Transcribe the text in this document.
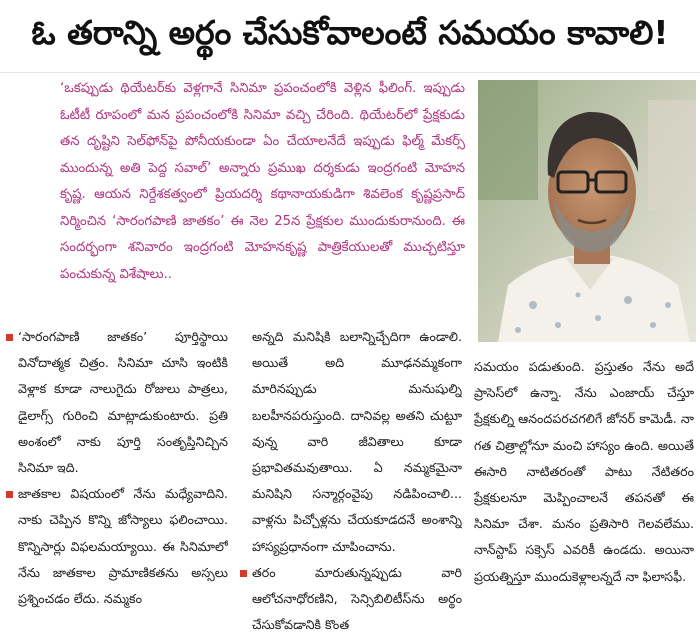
ఓ తరాన్ని అర్థం చేసుకోవాలంటే సమయం కావాలి!
‘ఒకప్పుడు థియేటర్‌కు వెళ్లగానే సినిమా ప్రపంచంలోకి వెళ్లిన ఫీలింగ్‌. ఇప్పుడు ఓటీటీ రూపంలో మన ప్రపంచంలోకి సినిమా వచ్చి చేరింది. థియేటర్‌లో ప్రేక్షకుడు తన దృష్టిని సెల్‌ఫోన్‌పై పోనీయకుండా ఏం చేయాలనేదే ఇప్పుడు ఫిల్మ్‌ మేకర్స్‌ ముందున్న అతి పెద్ద సవాల్‌’ అన్నారు ప్రముఖ దర్శకుడు ఇంద్రగంటి మోహన కృష్ణ. ఆయన నిర్దేశకత్వంలో ప్రియదర్శి కథానాయకుడిగా శివలెంక కృష్ణప్రసాద్‌ నిర్మించిన ‘సారంగపాణి జాతకం’ ఈ నెల 25న ప్రేక్షకుల ముందుకురానుంది. ఈ సందర్భంగా శనివారం ఇంద్రగంటి మోహనకృష్ణ పాత్రికేయులతో ముచ్చటిస్తూ పంచుకున్న విశేషాలు..
‘సారంగపాణి జాతకం’ పూర్తిస్థాయి వినోదాత్మక చిత్రం. సినిమా చూసి ఇంటికి వెళ్లాక కూడా నాలుగైదు రోజులు పాత్రలు, డైలాగ్స్‌ గురించి మాట్లాడుకుంటారు. ప్రతి అంశంలో నాకు పూర్తి సంతృప్తినిచ్చిన సినిమా ఇది.
జాతకాల విషయంలో నేను మధ్యేవాదిని. నాకు చెప్పిన కొన్ని జోస్యాలు ఫలించాయి. కొన్నిసార్లు విఫలమయ్యాయి. ఈ సినిమాలో నేను జాతకాల ప్రామాణికతను అస్సలు ప్రశ్నించడం లేదు. నమ్మకం
అన్నది మనిషికి బలాన్నిచ్చేదిగా ఉండాలి. అయితే అది మూఢనమ్మకంగా మారినప్పుడు మనుషుల్ని బలహీనపరుస్తుంది. దానివల్ల అతని చుట్టూ వున్న వారి జీవితాలు కూడా ప్రభావితమవుతాయి. ఏ నమ్మకమైనా మనిషిని సన్మార్గంవైపు నడిపించాలి... వాళ్లను పిచ్చోళ్లను చేయకూడదనే అంశాన్ని హాస్యప్రధానంగా చూపించాను.
తరం మారుతున్నప్పుడు వారి ఆలోచనాధోరణిని, సెన్సిబిలిటీస్‌ను అర్థం చేసుకోవడానికి కొంత
సమయం పడుతుంది. ప్రస్తుతం నేను అదే ప్రాసెస్‌లో ఉన్నా. నేను ఎంజాయ్‌ చేస్తూ ప్రేక్షకుల్ని ఆనందపరచగలిగే జోనర్‌ కామెడీ. నా గత చిత్రాల్లోనూ మంచి హాస్యం ఉంది. అయితే ఈసారి నాటితరంతో పాటు నేటితరం ప్రేక్షకులనూ మెప్పించాలనే తపనతో ఈ సినిమా చేశా. మనం ప్రతిసారి గెలవలేము. నాన్‌స్టాప్‌ సక్సెస్‌ ఎవరికీ ఉండదు. అయినా ప్రయత్నిస్తూ ముందుకెళ్లాలన్నదే నా ఫిలాసఫీ.
